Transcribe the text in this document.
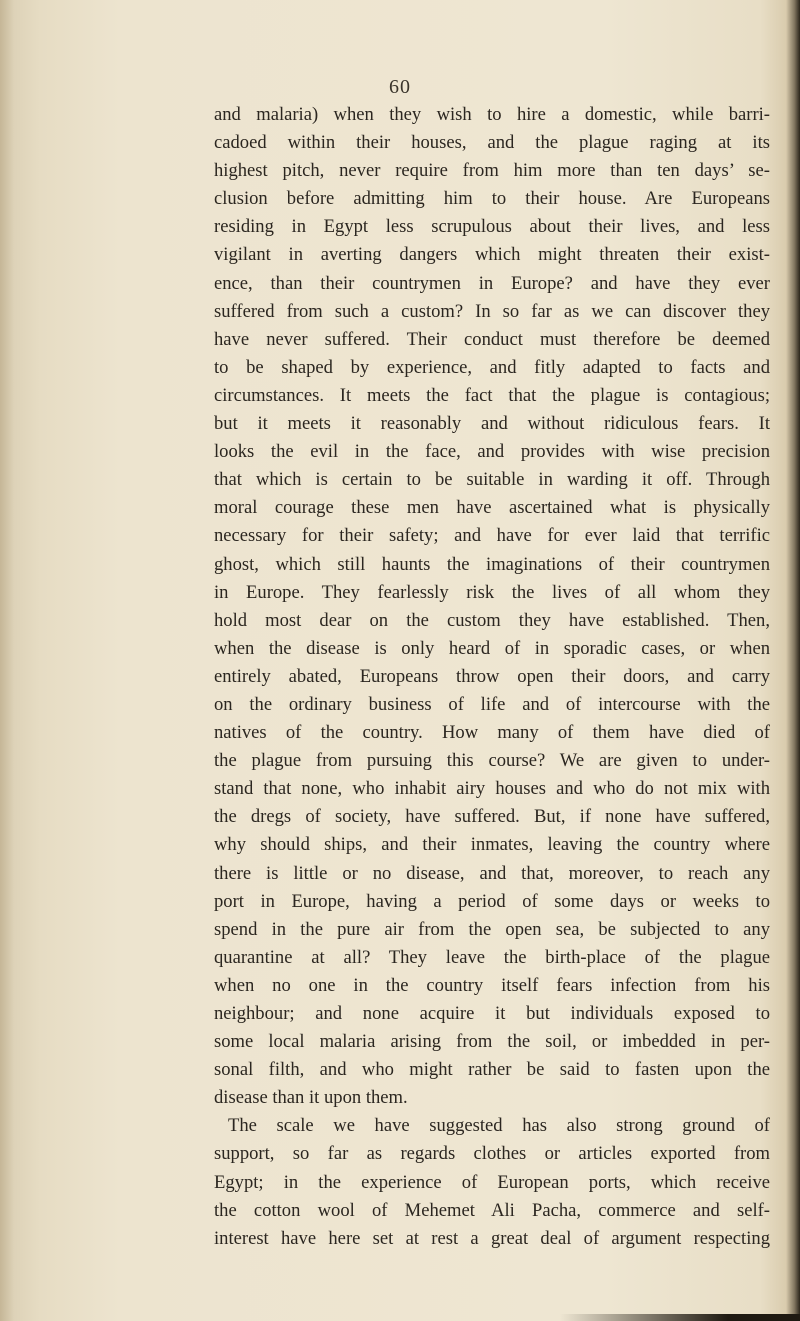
60
and malaria) when they wish to hire a domestic, while barri-
cadoed within their houses, and the plague raging at its
highest pitch, never require from him more than ten days’ se-
clusion before admitting him to their house. Are Europeans
residing in Egypt less scrupulous about their lives, and less
vigilant in averting dangers which might threaten their exist-
ence, than their countrymen in Europe? and have they ever
suffered from such a custom? In so far as we can discover they
have never suffered. Their conduct must therefore be deemed
to be shaped by experience, and fitly adapted to facts and
circumstances. It meets the fact that the plague is contagious;
but it meets it reasonably and without ridiculous fears. It
looks the evil in the face, and provides with wise precision
that which is certain to be suitable in warding it off. Through
moral courage these men have ascertained what is physically
necessary for their safety; and have for ever laid that terrific
ghost, which still haunts the imaginations of their countrymen
in Europe. They fearlessly risk the lives of all whom they
hold most dear on the custom they have established. Then,
when the disease is only heard of in sporadic cases, or when
entirely abated, Europeans throw open their doors, and carry
on the ordinary business of life and of intercourse with the
natives of the country. How many of them have died of
the plague from pursuing this course? We are given to under-
stand that none, who inhabit airy houses and who do not mix with
the dregs of society, have suffered. But, if none have suffered,
why should ships, and their inmates, leaving the country where
there is little or no disease, and that, moreover, to reach any
port in Europe, having a period of some days or weeks to
spend in the pure air from the open sea, be subjected to any
quarantine at all? They leave the birth-place of the plague
when no one in the country itself fears infection from his
neighbour; and none acquire it but individuals exposed to
some local malaria arising from the soil, or imbedded in per-
sonal filth, and who might rather be said to fasten upon the
disease than it upon them.
The scale we have suggested has also strong ground of
support, so far as regards clothes or articles exported from
Egypt; in the experience of European ports, which receive
the cotton wool of Mehemet Ali Pacha, commerce and self-
interest have here set at rest a great deal of argument respecting
